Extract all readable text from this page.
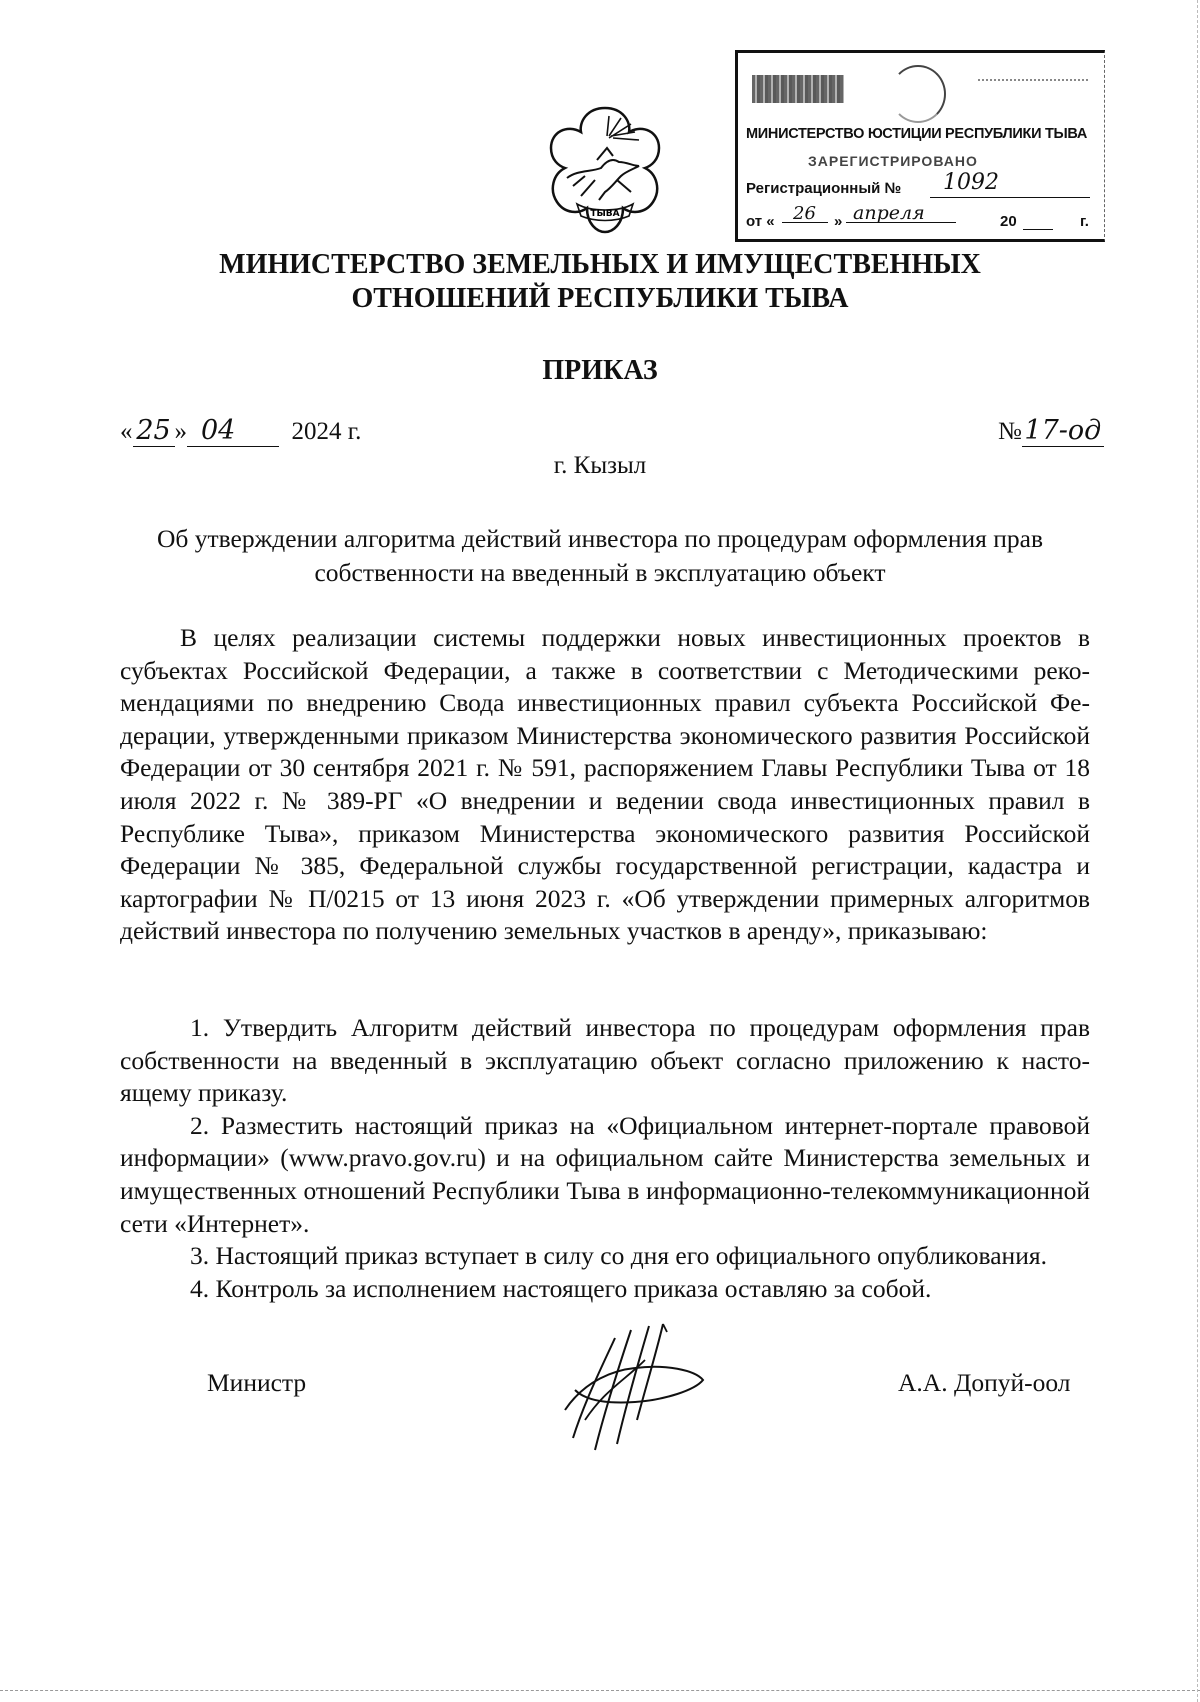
ТЫВА
МИНИСТЕРСТВО ЮСТИЦИИ РЕСПУБЛИКИ ТЫВА
ЗАРЕГИСТРИРОВАНО
Регистрационный № 1092
от « 26 » апреля	20	г.
МИНИСТЕРСТВО ЗЕМЕЛЬНЫХ И ИМУЩЕСТВЕННЫХ
ОТНОШЕНИЙ РЕСПУБЛИКИ ТЫВА
ПРИКАЗ
« 25 » 04 2024 г.	№17-од
г. Кызыл
Об утверждении алгоритма действий инвестора по процедурам оформления прав
собственности на введенный в эксплуатацию объект
В целях реализации системы поддержки новых инвестиционных проектов в субъектах Российской Федерации, а также в соответствии с Методическими рекомендациями по внедрению Свода инвестиционных правил субъекта Российской Федерации, утвержденными приказом Министерства экономического развития Российской Федерации от 30 сентября 2021 г. № 591, распоряжением Главы Республики Тыва от 18 июля 2022 г. № 389-РГ «О внедрении и ведении свода инвестиционных правил в Республике Тыва», приказом Министерства экономического развития Российской Федерации № 385, Федеральной службы государственной регистрации, кадастра и картографии № П/0215 от 13 июня 2023 г. «Об утверждении примерных алгоритмов действий инвестора по получению земельных участков в аренду», приказываю:
1. Утвердить Алгоритм действий инвестора по процедурам оформления прав собственности на введенный в эксплуатацию объект согласно приложению к настоящему приказу.
2. Разместить настоящий приказ на «Официальном интернет-портале правовой информации» (www.pravo.gov.ru) и на официальном сайте Министерства земельных и имущественных отношений Республики Тыва в информационно-телекоммуникационной сети «Интернет».
3. Настоящий приказ вступает в силу со дня его официального опубликования.
4. Контроль за исполнением настоящего приказа оставляю за собой.
Министр	А.А. Допуй-оол
